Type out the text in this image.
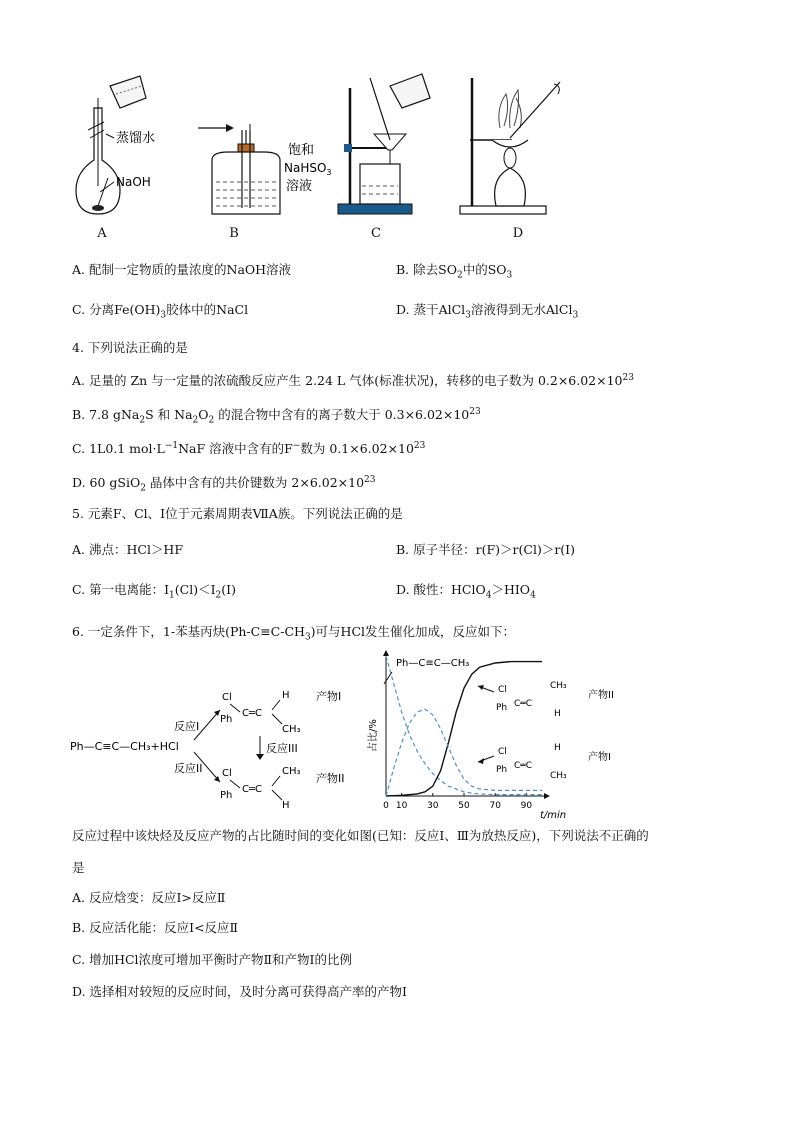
蒸馏水
NaOH
饱和
NaHSO$_3$
溶液
A	B	C	D
A. 配制一定物质的量浓度的NaOH溶液	B. 除去$SO_2$中的$SO_3$
C. 分离$Fe(OH)_3$胶体中的NaCl	D. 蒸干AlCl$_3$溶液得到无水AlCl$_3$
4. 下列说法正确的是
A. 足量的 Zn 与一定量的浓硫酸反应产生 2.24 L 气体(标准状况)，转移的电子数为 $0.2\times 6.02\times 10^{23}$
B. 7.8 gNa$_2$S 和 $Na_2O_2$ 的混合物中含有的离子数大于 $0.3\times 6.02\times 10^{23}$
C. 1L0.1 $mol\cdot L^{-1}NaF$ 溶液中含有的F−数为 $0.1\times 6.02\times 10^{23}$
D. 60 gSiO$_2$ 晶体中含有的共价键数为 $2\times 6.02\times 10^{23}$
5. 元素F、Cl、I位于元素周期表ⅦA族。下列说法正确的是
A. 沸点：HCl＞HF	B. 原子半径：r(F)＞r(Cl)＞r(I)
C. 第一电离能：$I_1(Cl)<I_2(I)$	D. 酸性：$HClO_4>HIO_4$
6. 一定条件下，1-苯基丙炔$(Ph-C\equiv C-CH_3)$可与HCl发生催化加成，反应如下：
Ph—C≡C—CH₃+HCl
反应I
反应II
Cl
Ph
C═C
H
CH₃
产物I
反应III
Cl
Ph
C═C
CH₃
H
产物II
0 10 30 50 70 90
占比/%
t/min
Ph—C≡C—CH₃
Cl
Ph C═C
CH₃
H
产物II
Cl
Ph C═C
H
CH₃
产物I
反应过程中该炔烃及反应产物的占比随时间的变化如图(已知：反应Ⅰ、Ⅲ为放热反应)，下列说法不正确的
是
A. 反应焓变：反应Ⅰ>反应Ⅱ
B. 反应活化能：反应Ⅰ<反应Ⅱ
C. 增加HCl浓度可增加平衡时产物Ⅱ和产物Ⅰ的比例
D. 选择相对较短的反应时间，及时分离可获得高产率的产物Ⅰ
